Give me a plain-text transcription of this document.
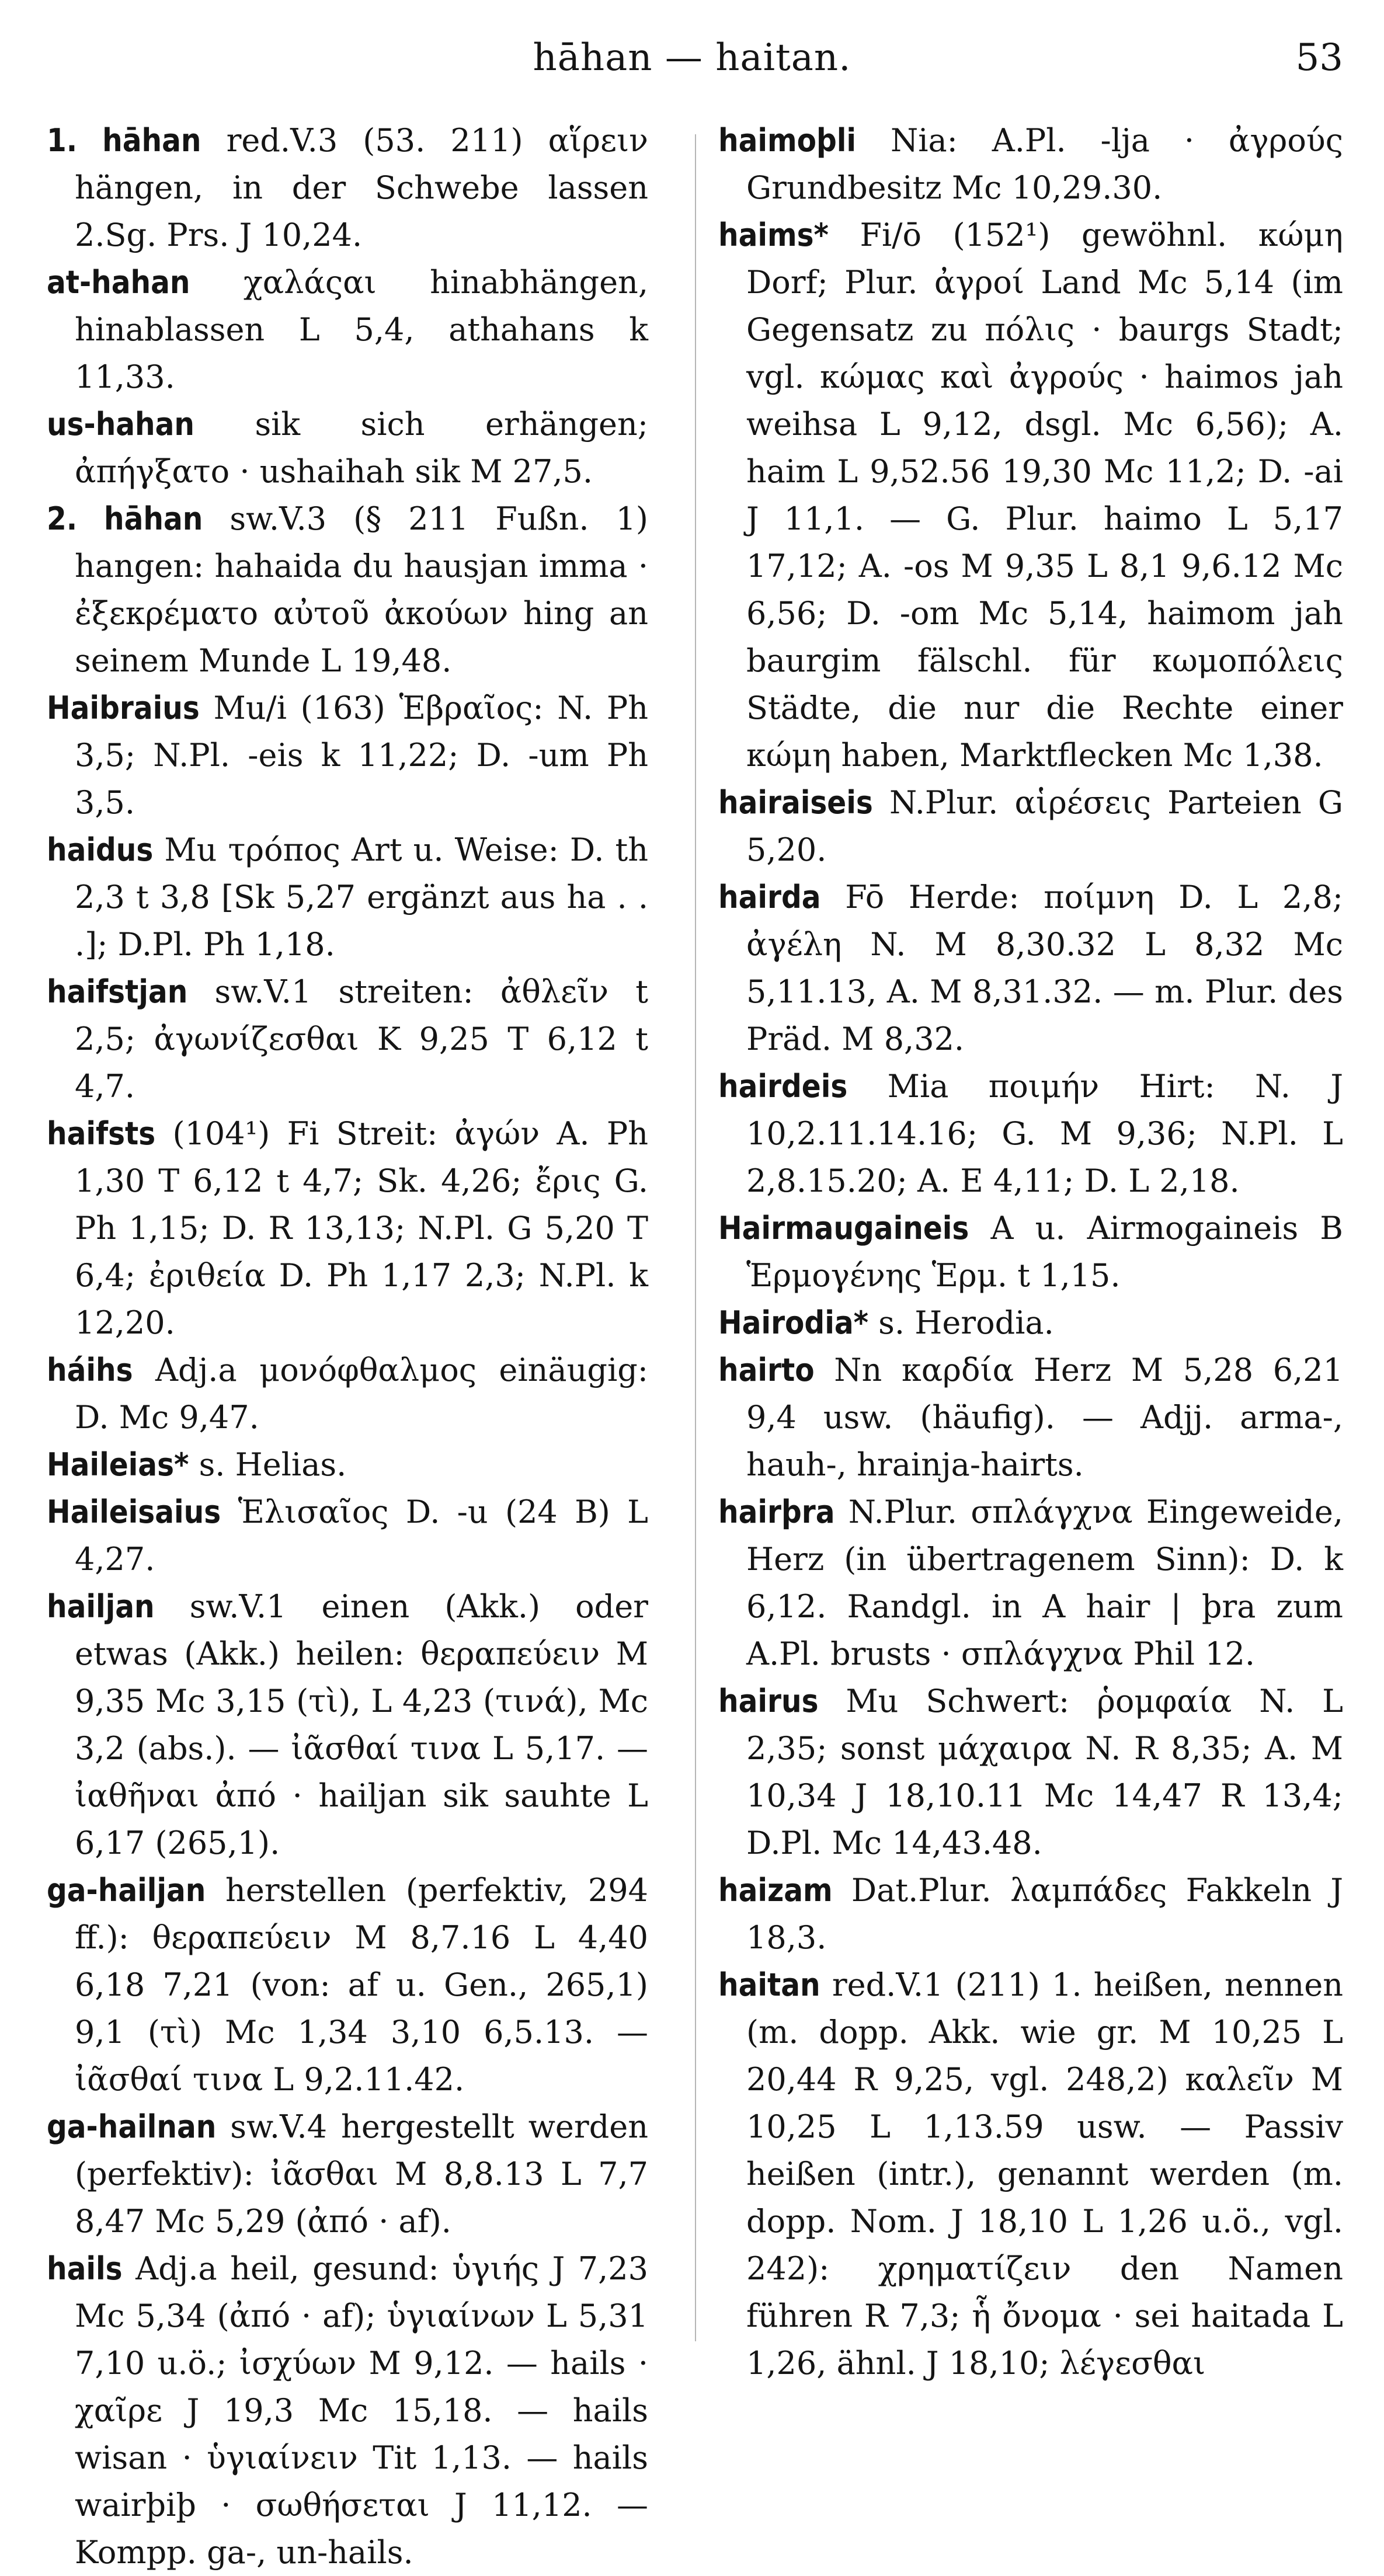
hāhan — haitan.	53

1. hāhan red.V.3 (53. 211) αἵρειν hängen, in der Schwebe lassen 2.Sg. Prs. J 10,24.

at-hahan χαλάςαι hinabhängen, hinablassen L 5,4, athahans k 11,33.

us-hahan sik sich erhängen; ἀπήγξατο · ushaihah sik M 27,5.

2. hāhan sw.V.3 (§ 211 Fußn. 1) hangen: hahaida du hausjan imma · ἐξεκρέματο αὐτοῦ ἀκούων hing an seinem Munde L 19,48.

Haibraius Mu/i (163) Ἑβραῖος: N. Ph 3,5; N.Pl. -eis k 11,22; D. -um Ph 3,5.

haidus Mu τρόπος Art u. Weise: D. th 2,3 t 3,8 [Sk 5,27 ergänzt aus ha . . .]; D.Pl. Ph 1,18.

haifstjan sw.V.1 streiten: ἀθλεῖν t 2,5; ἀγωνίζεσθαι K 9,25 T 6,12 t 4,7.

haifsts (104¹) Fi Streit: ἀγών A. Ph 1,30 T 6,12 t 4,7; Sk. 4,26; ἔρις G. Ph 1,15; D. R 13,13; N.Pl. G 5,20 T 6,4; ἐριθεία D. Ph 1,17 2,3; N.Pl. k 12,20.

háihs Adj.a μονόφθαλμος einäugig: D. Mc 9,47.

Haileias* s. Helias.

Haileisaius Ἑλισαῖος D. -u (24 B) L 4,27.

hailjan sw.V.1 einen (Akk.) oder etwas (Akk.) heilen: θεραπεύειν M 9,35 Mc 3,15 (τὶ), L 4,23 (τινά), Mc 3,2 (abs.). — ἰᾶσθαί τινα L 5,17. — ἰαθῆναι ἀπό · hailjan sik sauhte L 6,17 (265,1).

ga-hailjan herstellen (perfektiv, 294 ff.): θεραπεύειν M 8,7.16 L 4,40 6,18 7,21 (von: af u. Gen., 265,1) 9,1 (τὶ) Mc 1,34 3,10 6,5.13. — ἰᾶσθαί τινα L 9,2.11.42.

ga-hailnan sw.V.4 hergestellt werden (perfektiv): ἰᾶσθαι M 8,8.13 L 7,7 8,47 Mc 5,29 (ἀπό · af).

hails Adj.a heil, gesund: ὑγιής J 7,23 Mc 5,34 (ἀπό · af); ὑγιαίνων L 5,31 7,10 u.ö.; ἰσχύων M 9,12. — hails · χαῖρε J 19,3 Mc 15,18. — hails wisan · ὑγιαίνειν Tit 1,13. — hails wairþiþ · σωθήσεται J 11,12. — Kompp. ga-, un-hails.

haimoþli Nia: A.Pl. -lja · ἀγρούς Grundbesitz Mc 10,29.30.

haims* Fi/ō (152¹) gewöhnl. κώμη Dorf; Plur. ἀγροί Land Mc 5,14 (im Gegensatz zu πόλις · baurgs Stadt; vgl. κώμας καὶ ἀγρούς · haimos jah weihsa L 9,12, dsgl. Mc 6,56); A. haim L 9,52.56 19,30 Mc 11,2; D. -ai J 11,1. — G. Plur. haimo L 5,17 17,12; A. -os M 9,35 L 8,1 9,6.12 Mc 6,56; D. -om Mc 5,14, haimom jah baurgim fälschl. für κωμοπόλεις Städte, die nur die Rechte einer κώμη haben, Marktflecken Mc 1,38.

hairaiseis N.Plur. αἱρέσεις Parteien G 5,20.

hairda Fō Herde: ποίμνη D. L 2,8; ἀγέλη N. M 8,30.32 L 8,32 Mc 5,11.13, A. M 8,31.32. — m. Plur. des Präd. M 8,32.

hairdeis Mia ποιμήν Hirt: N. J 10,2.11.14.16; G. M 9,36; N.Pl. L 2,8.15.20; A. E 4,11; D. L 2,18.

Hairmaugaineis A u. Airmogaineis B Ἑρμογένης Ἑρμ. t 1,15.

Hairodia* s. Herodia.

hairto Nn καρδία Herz M 5,28 6,21 9,4 usw. (häufig). — Adjj. arma-, hauh-, hrainja-hairts.

hairþra N.Plur. σπλάγχνα Eingeweide, Herz (in übertragenem Sinn): D. k 6,12. Randgl. in A hair | þra zum A.Pl. brusts · σπλάγχνα Phil 12.

hairus Mu Schwert: ῥομφαία N. L 2,35; sonst μάχαιρα N. R 8,35; A. M 10,34 J 18,10.11 Mc 14,47 R 13,4; D.Pl. Mc 14,43.48.

haizam Dat.Plur. λαμπάδες Fakkeln J 18,3.

haitan red.V.1 (211) 1. heißen, nennen (m. dopp. Akk. wie gr. M 10,25 L 20,44 R 9,25, vgl. 248,2) καλεῖν M 10,25 L 1,13.59 usw. — Passiv heißen (intr.), genannt werden (m. dopp. Nom. J 18,10 L 1,26 u.ö., vgl. 242): χρηματίζειν den Namen führen R 7,3; ἧ ὄνομα · sei haitada L 1,26, ähnl. J 18,10; λέγεσθαι
